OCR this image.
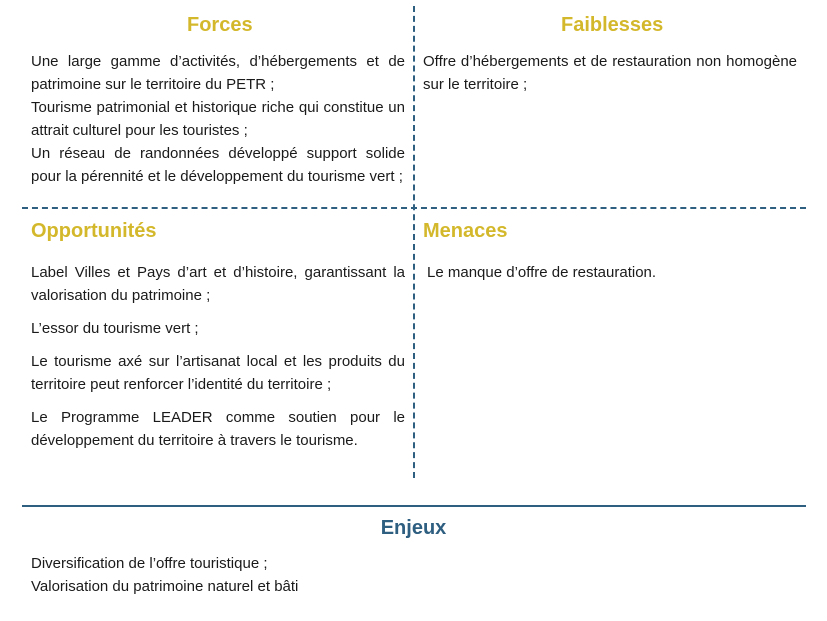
Forces

Une large gamme d’activités, d’hébergements et de patrimoine sur le territoire du PETR ;

Tourisme patrimonial et historique riche qui constitue un attrait culturel pour les touristes ;

Un réseau de randonnées développé support solide pour la pérennité et le développement du tourisme vert ;

Faiblesses

Offre d’hébergements et de restauration non homogène sur le territoire ;

Opportunités

Label Villes et Pays d’art et d’histoire, garantissant la valorisation du patrimoine ;

L’essor du tourisme vert ;

Le tourisme axé sur l’artisanat local et les produits du territoire peut renforcer l’identité du territoire ;

Le Programme LEADER comme soutien pour le développement du territoire à travers le tourisme.

Menaces

Le manque d’offre de restauration.

Enjeux

Diversification de l’offre touristique ;

Valorisation du patrimoine naturel et bâti
